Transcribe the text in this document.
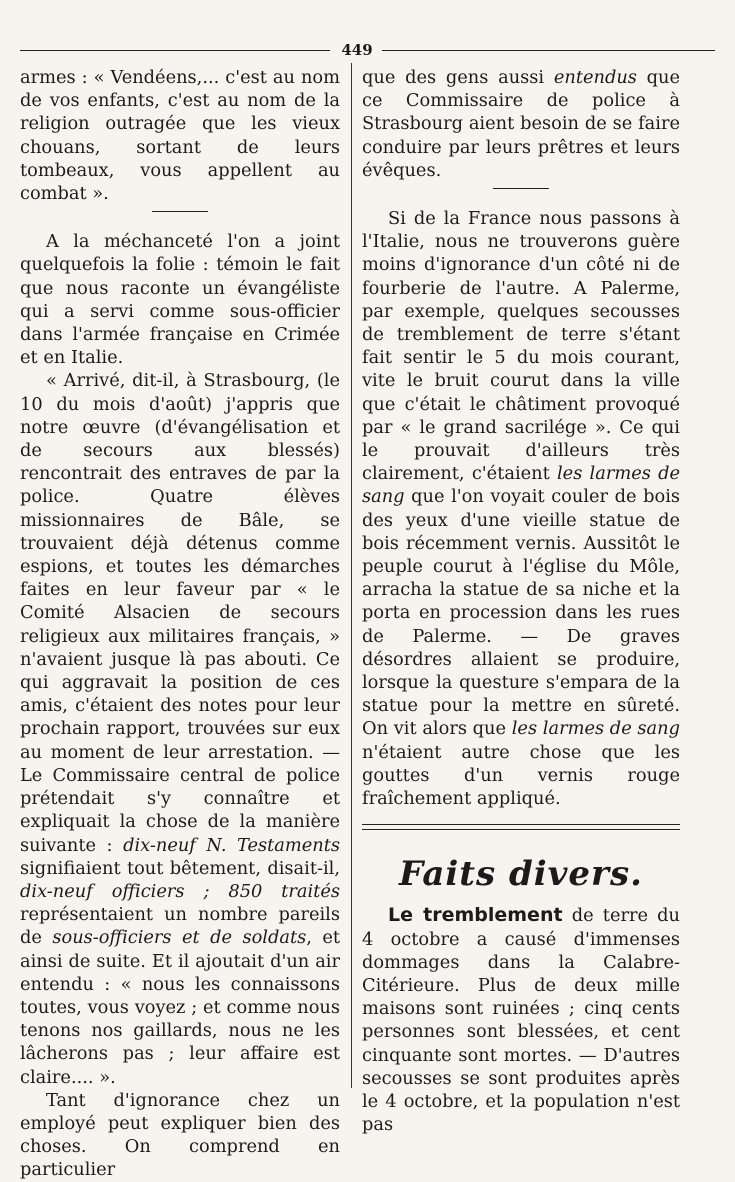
449

armes : « Vendéens,... c'est au nom de vos enfants, c'est au nom de la religion outragée que les vieux chouans, sortant de leurs tombeaux, vous appellent au combat ».

A la méchanceté l'on a joint quelquefois la folie : témoin le fait que nous raconte un évangéliste qui a servi comme sous-officier dans l'armée française en Crimée et en Italie.

« Arrivé, dit-il, à Strasbourg, (le 10 du mois d'août) j'appris que notre œuvre (d'évangélisation et de secours aux blessés) rencontrait des entraves de par la police. Quatre élèves missionnaires de Bâle, se trouvaient déjà détenus comme espions, et toutes les démarches faites en leur faveur par « le Comité Alsacien de secours religieux aux militaires français, » n'avaient jusque là pas abouti. Ce qui aggravait la position de ces amis, c'étaient des notes pour leur prochain rapport, trouvées sur eux au moment de leur arrestation. — Le Commissaire central de police prétendait s'y connaître et expliquait la chose de la manière suivante : dix-neuf N. Testaments signifiaient tout bêtement, disait-il, dix-neuf officiers ; 850 traités représentaient un nombre pareils de sous-officiers et de soldats, et ainsi de suite. Et il ajoutait d'un air entendu : « nous les connaissons toutes, vous voyez ; et comme nous tenons nos gaillards, nous ne les lâcherons pas ; leur affaire est claire.... ».

Tant d'ignorance chez un employé peut expliquer bien des choses. On comprend en particulier

que des gens aussi entendus que ce Commissaire de police à Strasbourg aient besoin de se faire conduire par leurs prêtres et leurs évêques.

Si de la France nous passons à l'Italie, nous ne trouverons guère moins d'ignorance d'un côté ni de fourberie de l'autre. A Palerme, par exemple, quelques secousses de tremblement de terre s'étant fait sentir le 5 du mois courant, vite le bruit courut dans la ville que c'était le châtiment provoqué par « le grand sacrilége ». Ce qui le prouvait d'ailleurs très clairement, c'étaient les larmes de sang que l'on voyait couler de bois des yeux d'une vieille statue de bois récemment vernis. Aussitôt le peuple courut à l'église du Môle, arracha la statue de sa niche et la porta en procession dans les rues de Palerme. — De graves désordres allaient se produire, lorsque la questure s'empara de la statue pour la mettre en sûreté. On vit alors que les larmes de sang n'étaient autre chose que les gouttes d'un vernis rouge fraîchement appliqué.

Faits divers.

Le tremblement de terre du 4 octobre a causé d'immenses dommages dans la Calabre-Citérieure. Plus de deux mille maisons sont ruinées ; cinq cents personnes sont blessées, et cent cinquante sont mortes. — D'autres secousses se sont produites après le 4 octobre, et la population n'est pas
